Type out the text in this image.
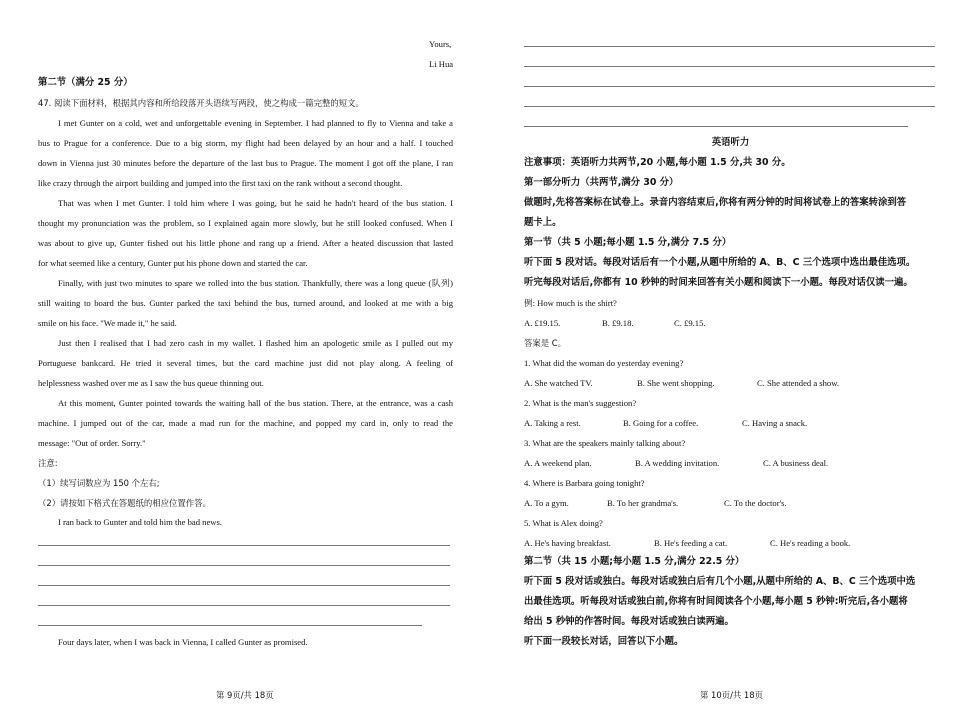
Yours,
Li Hua
第二节（满分 25 分）
47. 阅读下面材料，根据其内容和所给段落开头语续写两段，使之构成一篇完整的短文。
I met Gunter on a cold, wet and unforgettable evening in September. I had planned to fly to Vienna and take a
bus to Prague for a conference. Due to a big storm, my flight had been delayed by an hour and a half. I touched
down in Vienna just 30 minutes before the departure of the last bus to Prague. The moment I got off the plane, I ran
like crazy through the airport building and jumped into the first taxi on the rank without a second thought.
That was when I met Gunter. I told him where I was going, but he said he hadn't heard of the bus station. I
thought my pronunciation was the problem, so I explained again more slowly, but he still looked confused. When I
was about to give up, Gunter fished out his little phone and rang up a friend. After a heated discussion that lasted
for what seemed like a century, Gunter put his phone down and started the car.
Finally, with just two minutes to spare we rolled into the bus station. Thankfully, there was a long queue (队列)
still waiting to board the bus. Gunter parked the taxi behind the bus, turned around, and looked at me with a big
smile on his face. "We made it," he said.
Just then I realised that I had zero cash in my wallet. I flashed him an apologetic smile as I pulled out my
Portuguese bankcard. He tried it several times, but the card machine just did not play along. A feeling of
helplessness washed over me as I saw the bus queue thinning out.
At this moment, Gunter pointed towards the waiting hall of the bus station. There, at the entrance, was a cash
machine. I jumped out of the car, made a mad run for the machine, and popped my card in, only to read the
message: "Out of order. Sorry."
注意:
（1）续写词数应为 150 个左右;
（2）请按如下格式在答题纸的相应位置作答。
I ran back to Gunter and told him the bad news.
Four days later, when I was back in Vienna, I called Gunter as promised.
第 9页/共 18页
英语听力
注意事项：英语听力共两节,20 小题,每小题 1.5 分,共 30 分。
第一部分听力（共两节,满分 30 分）
做题时,先将答案标在试卷上。录音内容结束后,你将有两分钟的时间将试卷上的答案转涂到答
题卡上。
第一节（共 5 小题;每小题 1.5 分,满分 7.5 分）
听下面 5 段对话。每段对话后有一个小题,从题中所给的 A、B、C 三个选项中选出最佳选项。
听完每段对话后,你都有 10 秒钟的时间来回答有关小题和阅读下一小题。每段对话仅读一遍。
例: How much is the shirt?
A. £19.15.	B. £9.18.	C. £9.15.
答案是 C。
1. What did the woman do yesterday evening?
A. She watched TV.	B. She went shopping.	C. She attended a show.
2. What is the man's suggestion?
A. Taking a rest.	B. Going for a coffee.	C. Having a snack.
3. What are the speakers mainly talking about?
A. A weekend plan.	B. A wedding invitation.	C. A business deal.
4. Where is Barbara going tonight?
A. To a gym.	B. To her grandma's.	C. To the doctor's.
5. What is Alex doing?
A. He's having breakfast.	B. He's feeding a cat.	C. He's reading a book.
第二节（共 15 小题;每小题 1.5 分,满分 22.5 分）
听下面 5 段对话或独白。每段对话或独白后有几个小题,从题中所给的 A、B、C 三个选项中选
出最佳选项。听每段对话或独白前,你将有时间阅读各个小题,每小题 5 秒钟:听完后,各小题将
给出 5 秒钟的作答时间。每段对话或独白读两遍。
听下面一段较长对话，回答以下小题。
第 10页/共 18页
